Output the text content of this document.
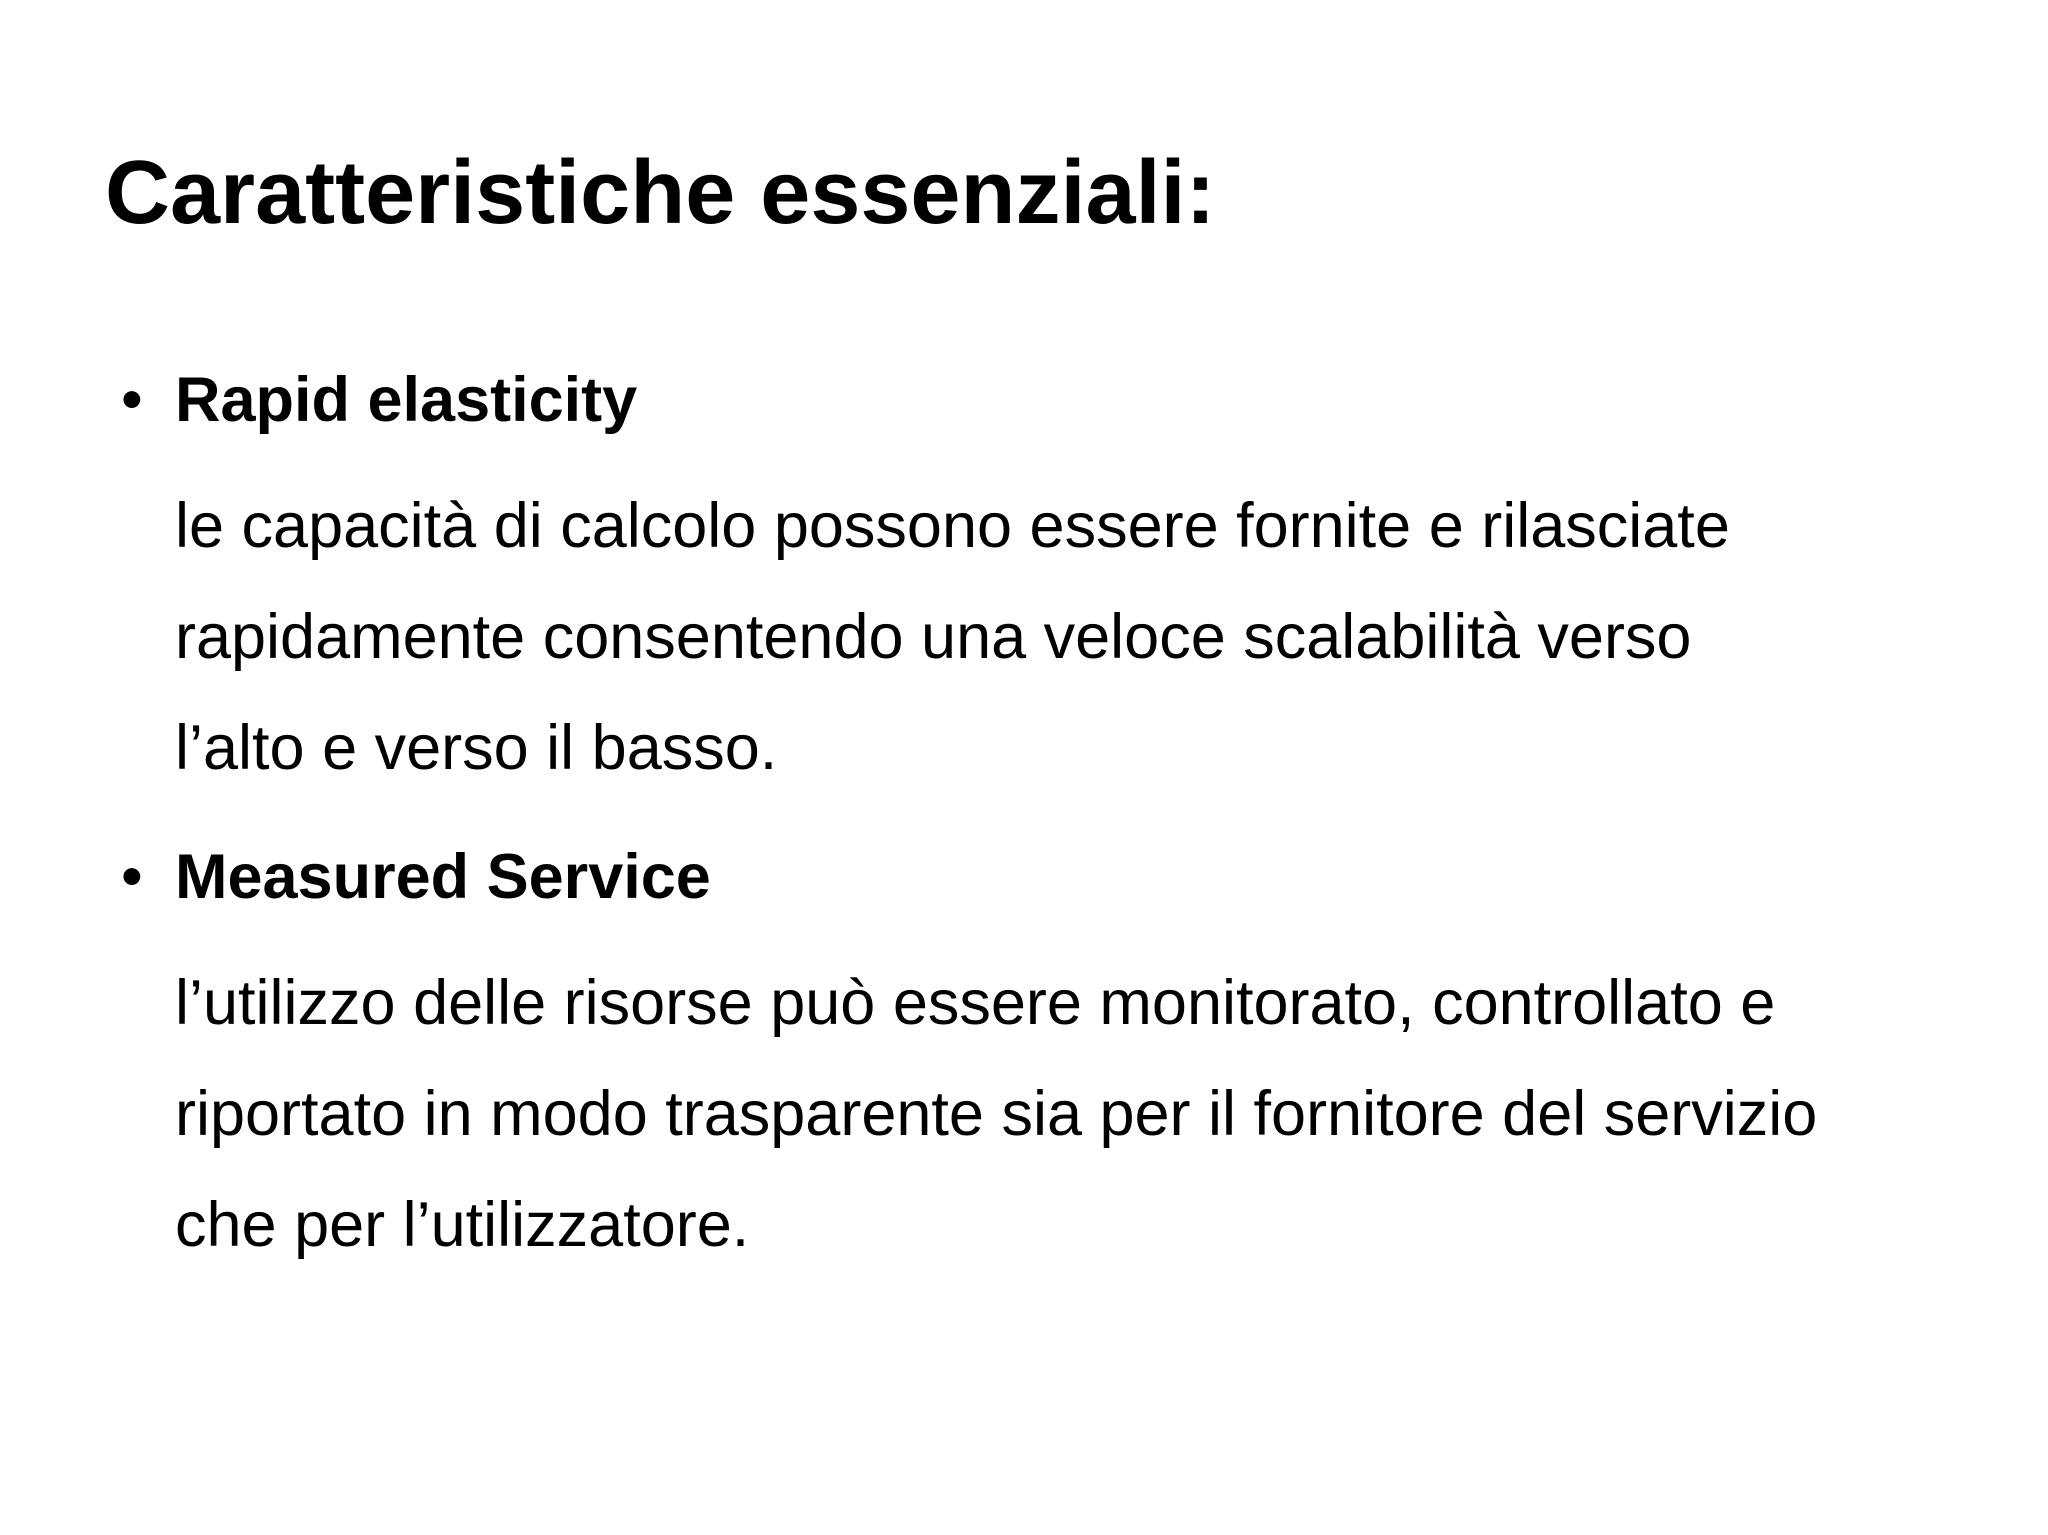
Caratteristiche essenziali:
• Rapid elasticity

le capacità di calcolo possono essere fornite e rilasciate
rapidamente consentendo una veloce scalabilità verso
l’alto e verso il basso.

• Measured Service

l’utilizzo delle risorse può essere monitorato, controllato e
riportato in modo trasparente sia per il fornitore del servizio
che per l’utilizzatore.
